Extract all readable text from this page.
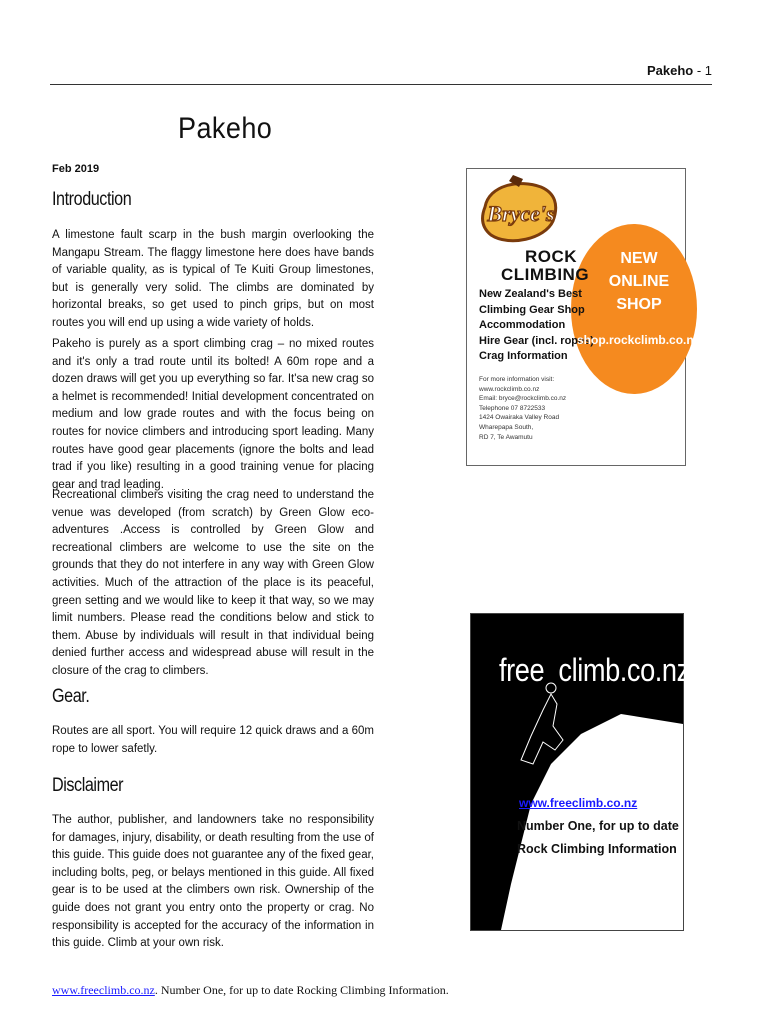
Pakeho - 1
Pakeho
Feb 2019
Introduction
A limestone fault scarp in the bush margin overlooking the Mangapu Stream. The flaggy limestone here does have bands of variable quality, as is typical of Te Kuiti Group limestones, but is generally very solid. The climbs are dominated by horizontal breaks, so get used to pinch grips, but on most routes you will end up using a wide variety of holds.
Pakeho is purely as a sport climbing crag – no mixed routes and it's only a trad route until its bolted! A 60m rope and a dozen draws will get you up everything so far. It'sa new crag so a helmet is recommended! Initial development concentrated on medium and low grade routes and with the focus being on routes for novice climbers and introducing sport leading. Many routes have good gear placements (ignore the bolts and lead trad if you like) resulting in a good training venue for placing gear and trad leading.
Recreational climbers visiting the crag need to understand the venue was developed (from scratch) by Green Glow eco-adventures .Access is controlled by Green Glow and recreational climbers are welcome to use the site on the grounds that they do not interfere in any way with Green Glow activities. Much of the attraction of the place is its peaceful, green setting and we would like to keep it that way, so we may limit numbers. Please read the conditions below and stick to them. Abuse by individuals will result in that individual being denied further access and widespread abuse will result in the closure of the crag to climbers.
Gear.
Routes are all sport. You will require 12 quick draws and a 60m rope to lower safetly.
Disclaimer
The author, publisher, and landowners take no responsibility for damages, injury, disability, or death resulting from the use of this guide. This guide does not guarantee any of the fixed gear, including bolts, peg, or belays mentioned in this guide. All fixed gear is to be used at the climbers own risk. Ownership of the guide does not grant you entry onto the property or crag. No responsibility is accepted for the accuracy of the information in this guide. Climb at your own risk.
www.freeclimb.co.nz. Number One, for up to date Rocking Climbing Information.
Bryce's
ROCK
CLIMBING
New Zealand's Best
Climbing Gear Shop
Accommodation
Hire Gear (incl. ropes)
Crag Information
For more information visit:
www.rockclimb.co.nz
Email: bryce@rockclimb.co.nz
Telephone 07 8722533
1424 Owairaka Valley Road
Wharepapa South,
RD 7, Te Awamutu
NEW
ONLINE
SHOP
shop.rockclimb.co.nz
free climb.co.nz
www.freeclimb.co.nz
Number One, for up to date
Rock Climbing Information
